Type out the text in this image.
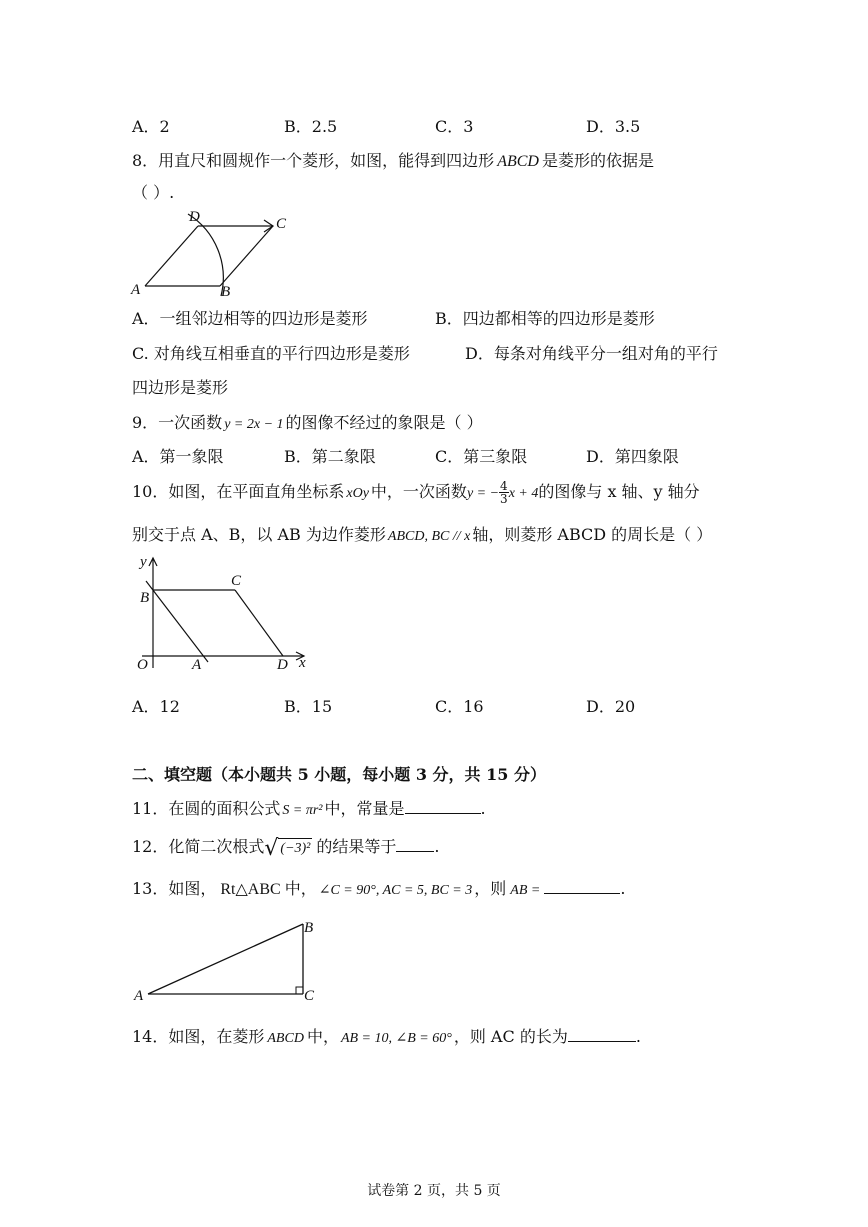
A．2	B．2.5	C．3	D．3.5
8．用直尺和圆规作一个菱形，如图，能得到四边形 ABCD 是菱形的依据是
（ ）.
D	C
A	B
A．一组邻边相等的四边形是菱形	B．四边都相等的四边形是菱形
C. 对角线互相垂直的平行四边形是菱形	D．每条对角线平分一组对角的平行
四边形是菱形
9．一次函数 y = 2x − 1 的图像不经过的象限是（ ）
A．第一象限	B．第二象限	C．第三象限	D．第四象限
10．如图，在平面直角坐标系 xOy 中，一次函数y = − $\frac{4}{3}$ x + 4的图像与 x 轴、y 轴分
别交于点 A、B，以 AB 为边作菱形 ABCD, BC // x 轴，则菱形 ABCD 的周长是（ ）
y
C
B
O	A	D x
A．12	B．15	C．16	D．20
二、填空题（本小题共 5 小题，每小题 3 分，共 15 分）
11．在圆的面积公式 S = πr² 中，常量是	.
12．化简二次根式√ (−3)² 的结果等于 .
13．如图， Rt△ABC 中， ∠C = 90°, AC = 5, BC = 3 ，则 AB =	.
B
A	C
14．如图，在菱形 ABCD 中， AB = 10, ∠B = 60° ，则 AC 的长为	.
试卷第 2 页，共 5 页
